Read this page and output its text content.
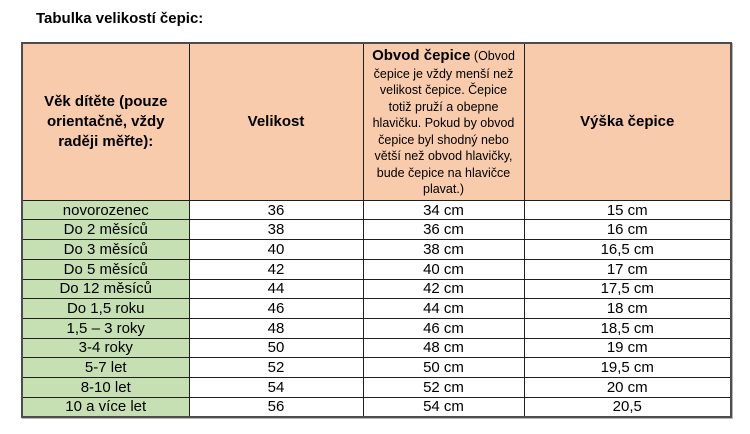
Tabulka velikostí čepic:
Věk dítěte (pouze orientačně, vždy raději měřte):	Velikost	Obvod čepice (Obvod čepice je vždy menší než velikost čepice. Čepice totiž pruží a obepne hlavičku. Pokud by obvod čepice byl shodný nebo větší než obvod hlavičky, bude čepice na hlavičce plavat.)	Výška čepice
novorozenec	36	34 cm	15 cm
Do 2 měsíců	38	36 cm	16 cm
Do 3 měsíců	40	38 cm	16,5 cm
Do 5 měsíců	42	40 cm	17 cm
Do 12 měsíců	44	42 cm	17,5 cm
Do 1,5 roku	46	44 cm	18 cm
1,5 – 3 roky	48	46 cm	18,5 cm
3-4 roky	50	48 cm	19 cm
5-7 let	52	50 cm	19,5 cm
8-10 let	54	52 cm	20 cm
10 a více let	56	54 cm	20,5
